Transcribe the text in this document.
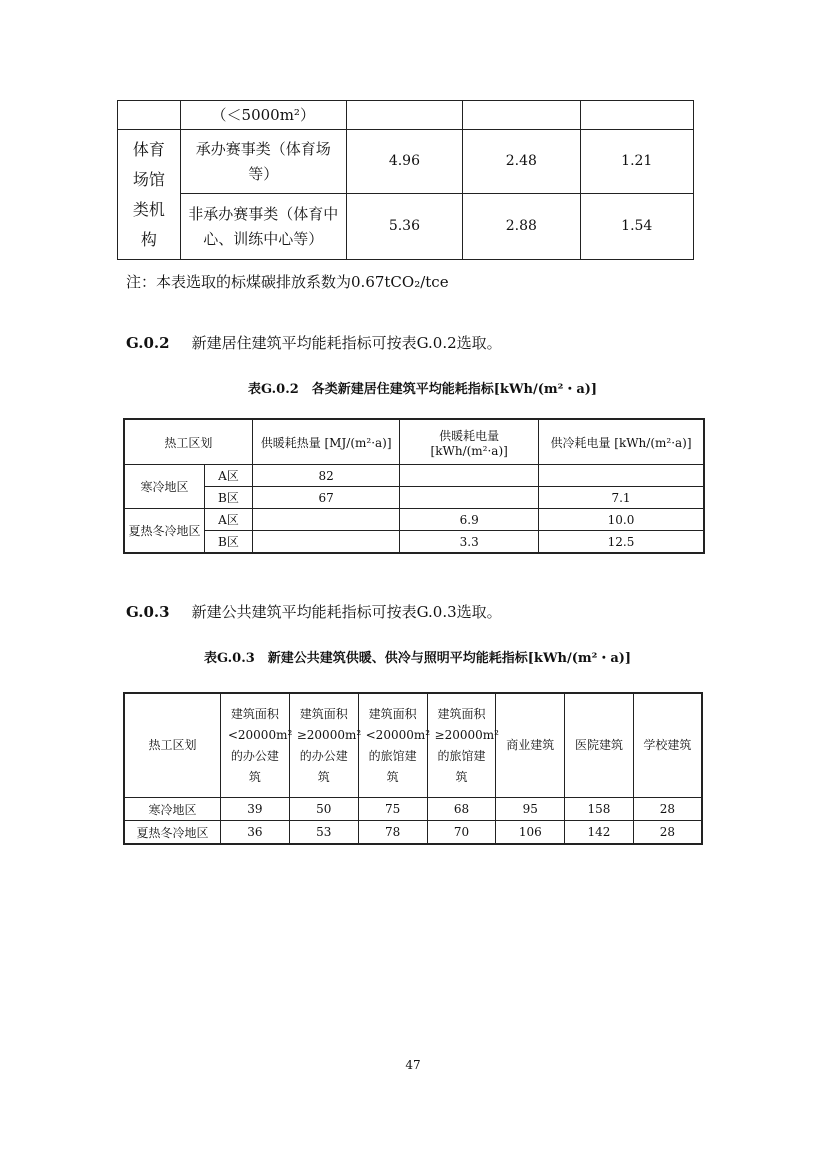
	（＜5000m²）			

体育场馆类机构	承办赛事类（体育场等）	4.96	2.48	1.21

	非承办赛事类（体育中心、训练中心等）	5.36	2.88	1.54
注：本表选取的标煤碳排放系数为0.67tCO₂/tce
G.0.2 新建居住建筑平均能耗指标可按表G.0.2选取。
表G.0.2　各类新建居住建筑平均能耗指标[kWh/(m²・a)]
热工区划		供暖耗热量 [MJ/(m²·a)]	供暖耗电量 [kWh/(m²·a)]	供冷耗电量 [kWh/(m²·a)]
寒冷地区	A区	82		
	B区	67		7.1
夏热冬冷地区	A区		6.9	10.0
	B区		3.3	12.5
G.0.3 新建公共建筑平均能耗指标可按表G.0.3选取。
表G.0.3　新建公共建筑供暖、供冷与照明平均能耗指标[kWh/(m²・a)]
热工区划	建筑面积<20000m²的办公建筑	建筑面积≥20000m²的办公建筑	建筑面积<20000m²的旅馆建筑	建筑面积≥20000m²的旅馆建筑	商业建筑	医院建筑	学校建筑
寒冷地区	39	50	75	68	95	158	28
夏热冬冷地区	36	53	78	70	106	142	28
47
